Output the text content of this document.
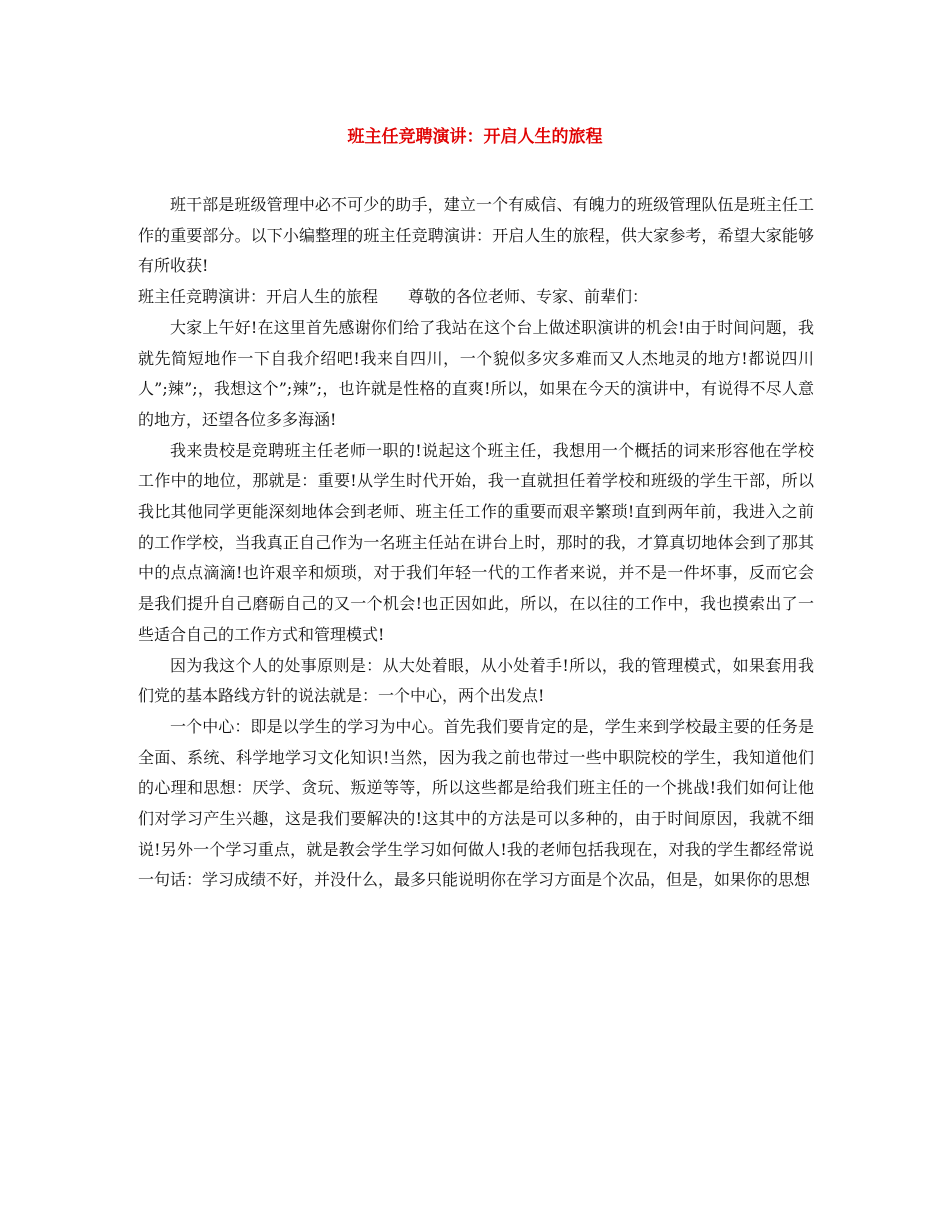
班主任竞聘演讲：开启人生的旅程

班干部是班级管理中必不可少的助手，建立一个有威信、有魄力的班级管理队伍是班主任工作的重要部分。以下小编整理的班主任竞聘演讲：开启人生的旅程，供大家参考，希望大家能够有所收获!

班主任竞聘演讲：开启人生的旅程 尊敬的各位老师、专家、前辈们：

大家上午好!在这里首先感谢你们给了我站在这个台上做述职演讲的机会!由于时间问题，我就先简短地作一下自我介绍吧!我来自四川，一个貌似多灾多难而又人杰地灵的地方!都说四川人”;辣”;，我想这个”;辣”;，也许就是性格的直爽!所以，如果在今天的演讲中，有说得不尽人意的地方，还望各位多多海涵!

我来贵校是竞聘班主任老师一职的!说起这个班主任，我想用一个概括的词来形容他在学校工作中的地位，那就是：重要!从学生时代开始，我一直就担任着学校和班级的学生干部，所以我比其他同学更能深刻地体会到老师、班主任工作的重要而艰辛繁琐!直到两年前，我进入之前的工作学校，当我真正自己作为一名班主任站在讲台上时，那时的我，才算真切地体会到了那其中的点点滴滴!也许艰辛和烦琐，对于我们年轻一代的工作者来说，并不是一件坏事，反而它会是我们提升自己磨砺自己的又一个机会!也正因如此，所以，在以往的工作中，我也摸索出了一些适合自己的工作方式和管理模式!

因为我这个人的处事原则是：从大处着眼，从小处着手!所以，我的管理模式，如果套用我们党的基本路线方针的说法就是：一个中心，两个出发点!

一个中心：即是以学生的学习为中心。首先我们要肯定的是，学生来到学校最主要的任务是全面、系统、科学地学习文化知识!当然，因为我之前也带过一些中职院校的学生，我知道他们的心理和思想：厌学、贪玩、叛逆等等，所以这些都是给我们班主任的一个挑战!我们如何让他们对学习产生兴趣，这是我们要解决的!这其中的方法是可以多种的，由于时间原因，我就不细说!另外一个学习重点，就是教会学生学习如何做人!我的老师包括我现在，对我的学生都经常说一句话：学习成绩不好，并没什么，最多只能说明你在学习方面是个次品，但是，如果你的思想
